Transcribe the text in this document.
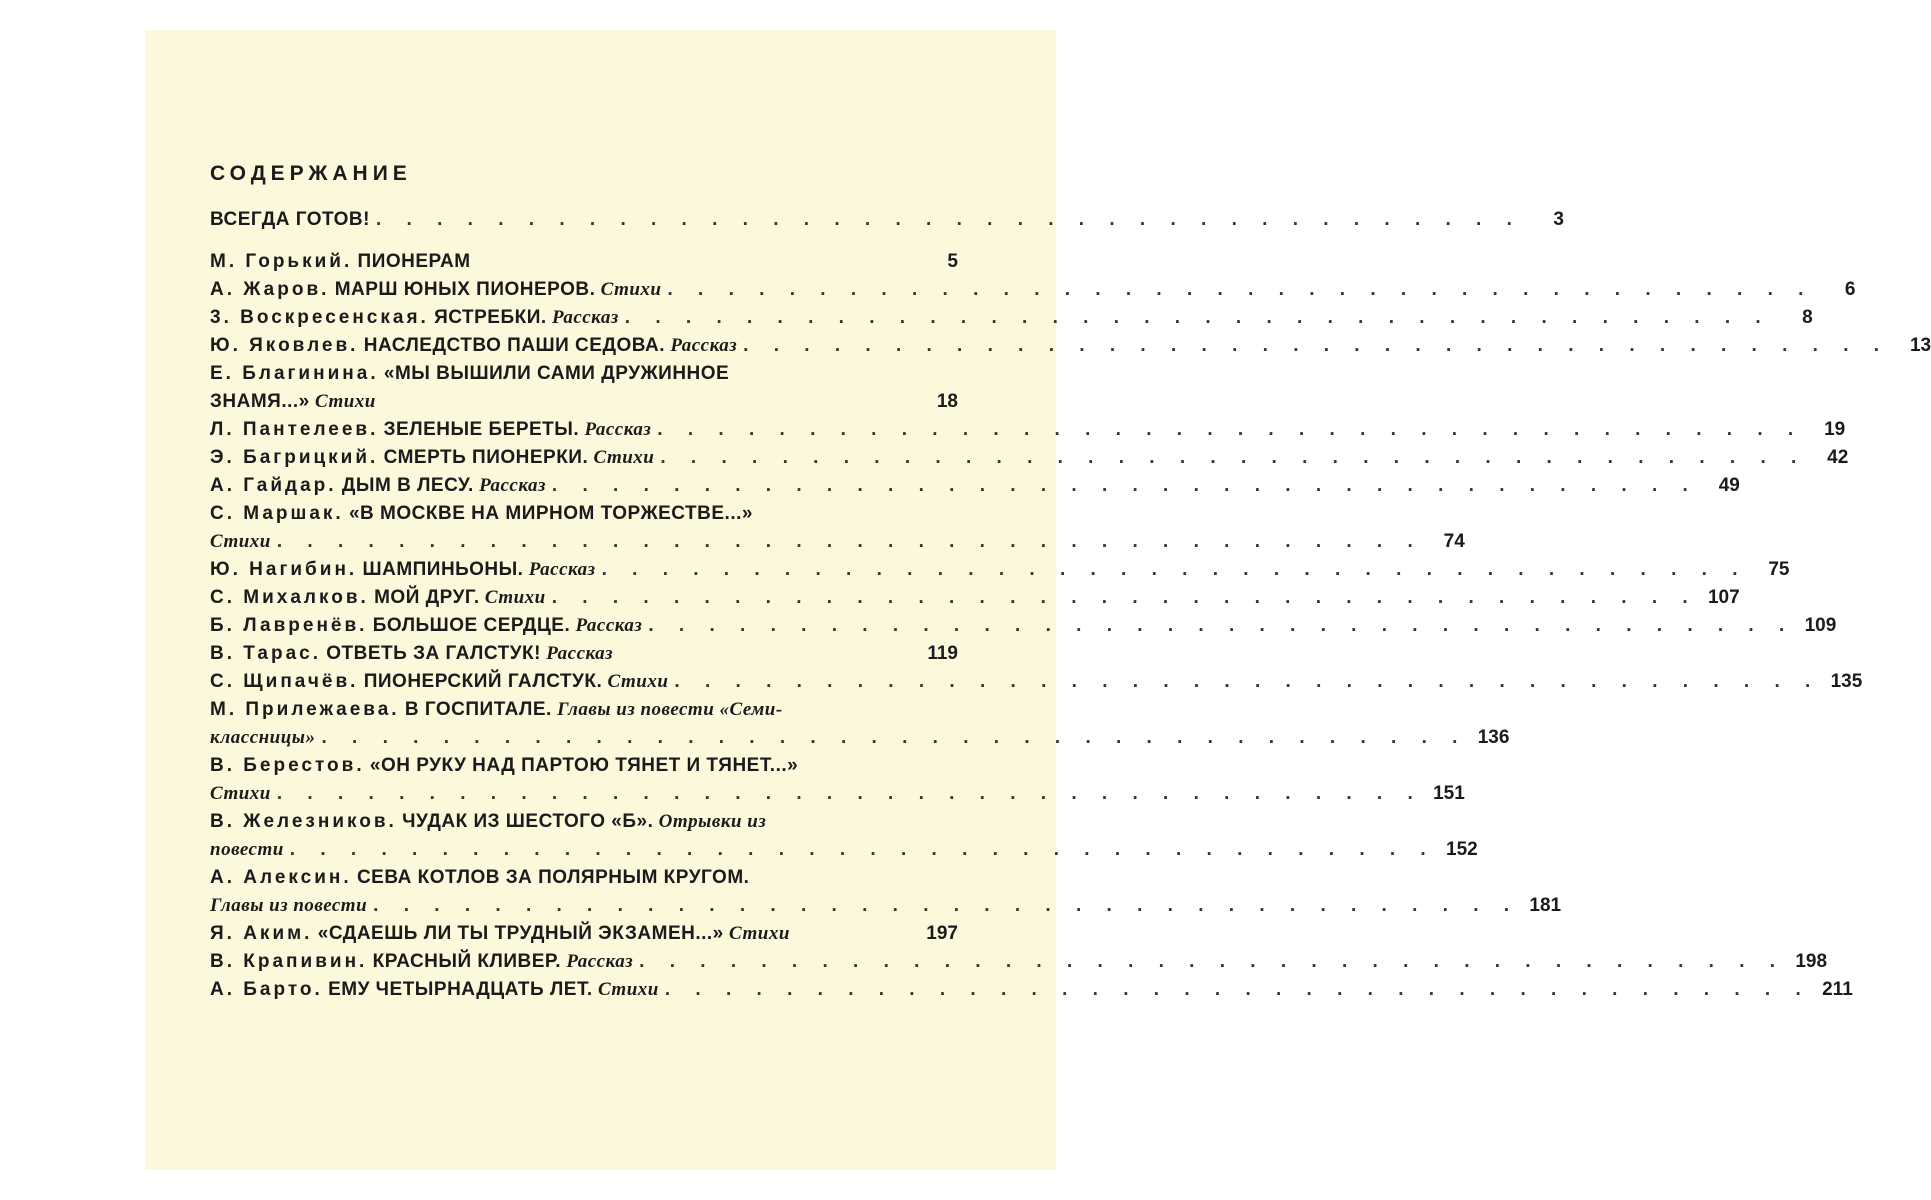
СОДЕРЖАНИЕ
ВСЕГДА ГОТОВ! . . . . . . . . . . . . . . . . . . . . . . . . . . . . . . . . . . . . . .	3
М. Горький. ПИОНЕРАМ	5
А. Жаров. МАРШ ЮНЫХ ПИОНЕРОВ. Стихи . . . . . . . . . . . . . . . . . . . . . . . . . . . . . . . . . . . . . .	6
3. Воскресенская. ЯСТРЕБКИ. Рассказ . . . . . . . . . . . . . . . . . . . . . . . . . . . . . . . . . . . . . .	8
Ю. Яковлев. НАСЛЕДСТВО ПАШИ СЕДОВА. Рассказ . . . . . . . . . . . . . . . . . . . . . . . . . . . . . . . . . . . . . .	13
Е. Благинина. «МЫ ВЫШИЛИ САМИ ДРУЖИННОЕ
ЗНАМЯ...» Стихи	18
Л. Пантелеев. ЗЕЛЕНЫЕ БЕРЕТЫ. Рассказ . . . . . . . . . . . . . . . . . . . . . . . . . . . . . . . . . . . . . .	19
Э. Багрицкий. СМЕРТЬ ПИОНЕРКИ. Стихи . . . . . . . . . . . . . . . . . . . . . . . . . . . . . . . . . . . . . .	42
А. Гайдар. ДЫМ В ЛЕСУ. Рассказ . . . . . . . . . . . . . . . . . . . . . . . . . . . . . . . . . . . . . .	49
С. Маршак. «В МОСКВЕ НА МИРНОМ ТОРЖЕСТВЕ...»
Стихи . . . . . . . . . . . . . . . . . . . . . . . . . . . . . . . . . . . . . .	74
Ю. Нагибин. ШАМПИНЬОНЫ. Рассказ . . . . . . . . . . . . . . . . . . . . . . . . . . . . . . . . . . . . . .	75
С. Михалков. МОЙ ДРУГ. Стихи . . . . . . . . . . . . . . . . . . . . . . . . . . . . . . . . . . . . . . 107
Б. Лавренёв. БОЛЬШОЕ СЕРДЦЕ. Рассказ . . . . . . . . . . . . . . . . . . . . . . . . . . . . . . . . . . . . . . 109
В. Тарас. ОТВЕТЬ ЗА ГАЛСТУК! Рассказ	119
С. Щипачёв. ПИОНЕРСКИЙ ГАЛСТУК. Стихи . . . . . . . . . . . . . . . . . . . . . . . . . . . . . . . . . . . . . . 135
М. Прилежаева. В ГОСПИТАЛЕ. Главы из повести «Семи-
классницы» . . . . . . . . . . . . . . . . . . . . . . . . . . . . . . . . . . . . . . 136
В. Берестов. «ОН РУКУ НАД ПАРТОЮ ТЯНЕТ И ТЯНЕТ...»
Стихи . . . . . . . . . . . . . . . . . . . . . . . . . . . . . . . . . . . . . . 151
В. Железников. ЧУДАК ИЗ ШЕСТОГО «Б». Отрывки из
повести . . . . . . . . . . . . . . . . . . . . . . . . . . . . . . . . . . . . . . 152
А. Алексин. СЕВА КОТЛОВ ЗА ПОЛЯРНЫМ КРУГОМ.
Главы из повести . . . . . . . . . . . . . . . . . . . . . . . . . . . . . . . . . . . . . . 181
Я. Аким. «СДАЕШЬ ЛИ ТЫ ТРУДНЫЙ ЭКЗАМЕН...» Стихи	197
В. Крапивин. КРАСНЫЙ КЛИВЕР. Рассказ . . . . . . . . . . . . . . . . . . . . . . . . . . . . . . . . . . . . . . 198
А. Барто. ЕМУ ЧЕТЫРНАДЦАТЬ ЛЕТ. Стихи . . . . . . . . . . . . . . . . . . . . . . . . . . . . . . . . . . . . . . 211
